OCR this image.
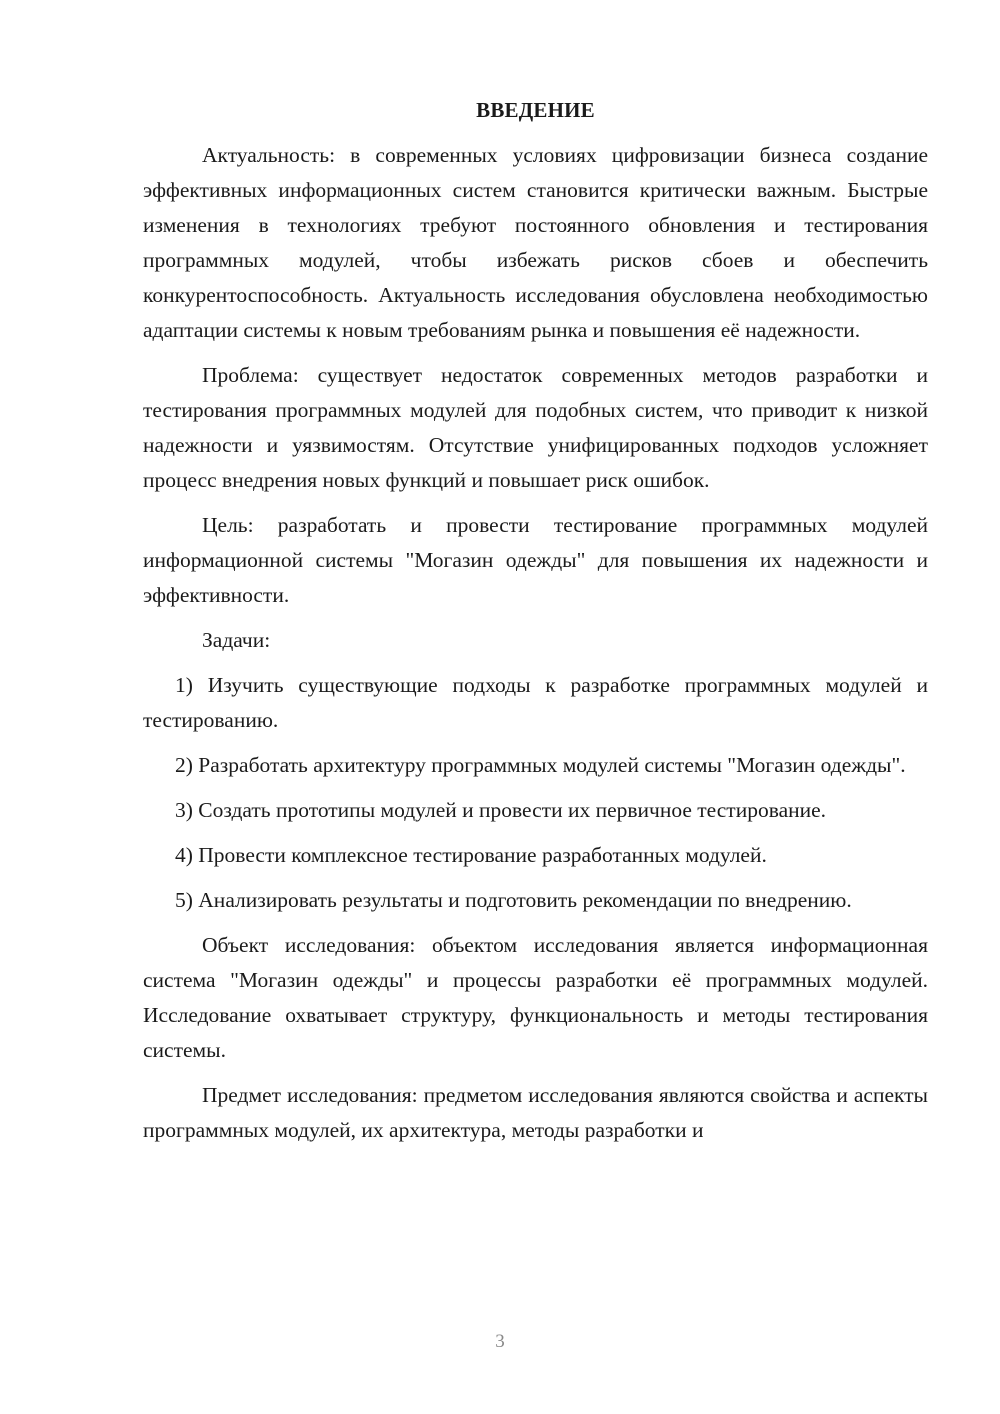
ВВЕДЕНИЕ

Актуальность: в современных условиях цифровизации бизнеса создание эффективных информационных систем становится критически важным. Быстрые изменения в технологиях требуют постоянного обновления и тестирования программных модулей, чтобы избежать рисков сбоев и обеспечить конкурентоспособность. Актуальность исследования обусловлена необходимостью адаптации системы к новым требованиям рынка и повышения её надежности.

Проблема: существует недостаток современных методов разработки и тестирования программных модулей для подобных систем, что приводит к низкой надежности и уязвимостям. Отсутствие унифицированных подходов усложняет процесс внедрения новых функций и повышает риск ошибок.

Цель: разработать и провести тестирование программных модулей информационной системы "Могазин одежды" для повышения их надежности и эффективности.

Задачи:

1) Изучить существующие подходы к разработке программных модулей и тестированию.

2) Разработать архитектуру программных модулей системы "Могазин одежды".

3) Создать прототипы модулей и провести их первичное тестирование.

4) Провести комплексное тестирование разработанных модулей.

5) Анализировать результаты и подготовить рекомендации по внедрению.

Объект исследования: объектом исследования является информационная система "Могазин одежды" и процессы разработки её программных модулей. Исследование охватывает структуру, функциональность и методы тестирования системы.

Предмет исследования: предметом исследования являются свойства и аспекты программных модулей, их архитектура, методы разработки и

3
